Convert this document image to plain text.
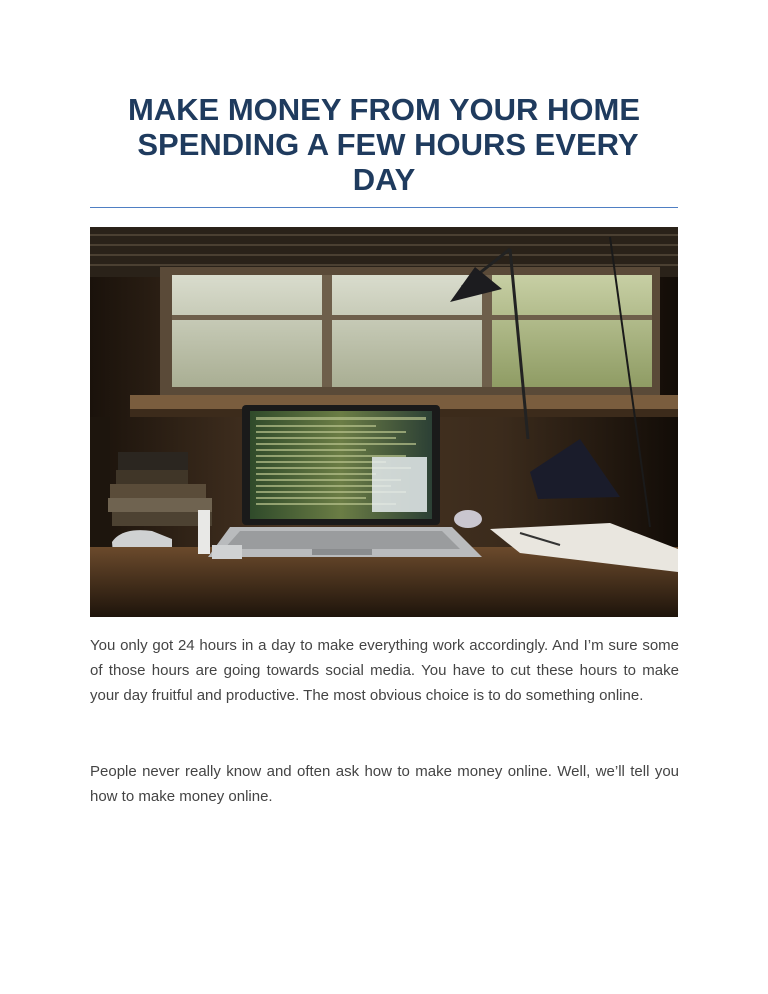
MAKE MONEY FROM YOUR HOME
SPENDING A FEW HOURS EVERY
DAY

You only got 24 hours in a day to make everything work accordingly. And I’m sure some of those hours are going towards social media. You have to cut these hours to make your day fruitful and productive. The most obvious choice is to do something online.

People never really know and often ask how to make money online. Well, we’ll tell you how to make money online.
